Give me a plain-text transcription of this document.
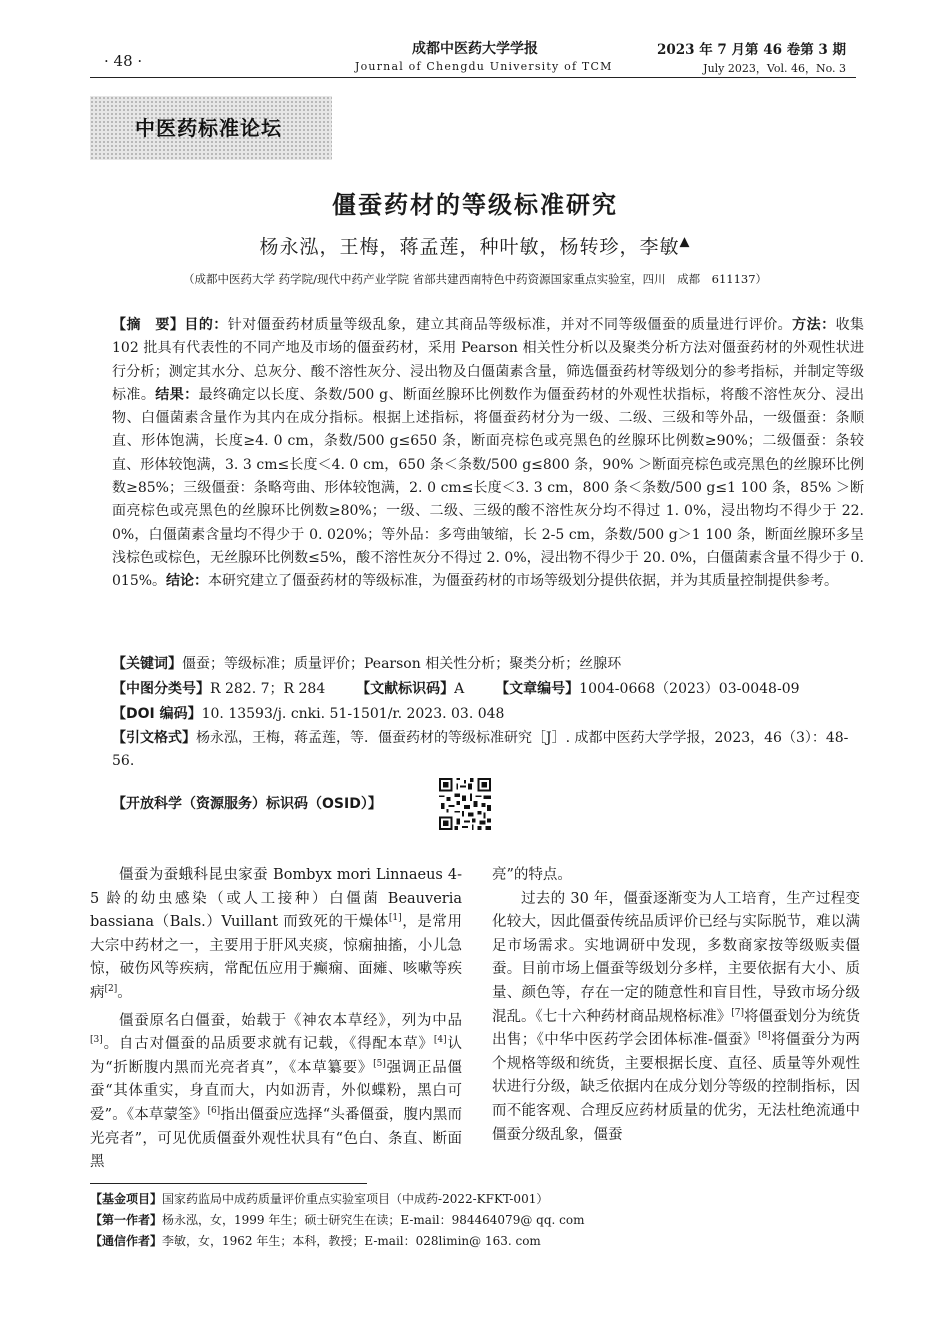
· 48 ·
成都中医药大学学报
Journal of Chengdu University of TCM
2023 年 7 月第 46 卷第 3 期
July 2023，Vol. 46，No. 3
中医药标准论坛
僵蚕药材的等级标准研究
杨永泓，王梅，蒋孟莲，种叶敏，杨转珍，李敏▲
（成都中医药大学 药学院/现代中药产业学院 省部共建西南特色中药资源国家重点实验室，四川　成都　611137）

【摘　要】目的：针对僵蚕药材质量等级乱象，建立其商品等级标准，并对不同等级僵蚕的质量进行评价。方法：收集 102 批具有代表性的不同产地及市场的僵蚕药材，采用 Pearson 相关性分析以及聚类分析方法对僵蚕药材的外观性状进行分析；测定其水分、总灰分、酸不溶性灰分、浸出物及白僵菌素含量，筛选僵蚕药材等级划分的参考指标，并制定等级标准。结果：最终确定以长度、条数/500 g、断面丝腺环比例数作为僵蚕药材的外观性状指标，将酸不溶性灰分、浸出物、白僵菌素含量作为其内在成分指标。根据上述指标，将僵蚕药材分为一级、二级、三级和等外品，一级僵蚕：条顺直、形体饱满，长度≥4. 0 cm，条数/500 g≤650 条，断面亮棕色或亮黑色的丝腺环比例数≥90%；二级僵蚕：条较直、形体较饱满，3. 3 cm≤长度＜4. 0 cm，650 条＜条数/500 g≤800 条，90% ＞断面亮棕色或亮黑色的丝腺环比例数≥85%；三级僵蚕：条略弯曲、形体较饱满，2. 0 cm≤长度＜3. 3 cm，800 条＜条数/500 g≤1 100 条，85% ＞断面亮棕色或亮黑色的丝腺环比例数≥80%；一级、二级、三级的酸不溶性灰分均不得过 1. 0%，浸出物均不得少于 22. 0%，白僵菌素含量均不得少于 0. 020%；等外品：多弯曲皱缩，长 2-5 cm，条数/500 g＞1 100 条，断面丝腺环多呈浅棕色或棕色，无丝腺环比例数≤5%，酸不溶性灰分不得过 2. 0%，浸出物不得少于 20. 0%，白僵菌素含量不得少于 0. 015%。结论：本研究建立了僵蚕药材的等级标准，为僵蚕药材的市场等级划分提供依据，并为其质量控制提供参考。

【关键词】僵蚕；等级标准；质量评价；Pearson 相关性分析；聚类分析；丝腺环
【中图分类号】R 282. 7；R 284 【文献标识码】A 【文章编号】1004-0668（2023）03-0048-09
【DOI 编码】10. 13593/j. cnki. 51-1501/r. 2023. 03. 048
【引文格式】杨永泓，王梅，蒋孟莲，等．僵蚕药材的等级标准研究［J］. 成都中医药大学学报，2023，46（3）：48- 56.
【开放科学（资源服务）标识码（OSID）】

僵蚕为蚕蛾科昆虫家蚕 Bombyx mori Linnaeus 4-5 龄的幼虫感染（或人工接种）白僵菌 Beauveria bassiana（Bals.）Vuillant 而致死的干燥体[1]，是常用大宗中药材之一，主要用于肝风夹痰，惊痫抽搐，小儿急惊，破伤风等疾病，常配伍应用于癫痫、面瘫、咳嗽等疾病[2]。

僵蚕原名白僵蚕，始载于《神农本草经》，列为中品[3]。自古对僵蚕的品质要求就有记载，《得配本草》[4]认为“折断腹内黑而光亮者真”，《本草纂要》[5]强调正品僵蚕“其体重实，身直而大，内如沥青，外似蝶粉，黑白可爱”。《本草蒙筌》[6]指出僵蚕应选择“头番僵蚕，腹内黑而光亮者”，可见优质僵蚕外观性状具有“色白、条直、断面黑

亮”的特点。

过去的 30 年，僵蚕逐渐变为人工培育，生产过程变化较大，因此僵蚕传统品质评价已经与实际脱节，难以满足市场需求。实地调研中发现，多数商家按等级贩卖僵蚕。目前市场上僵蚕等级划分多样，主要依据有大小、质量、颜色等，存在一定的随意性和盲目性，导致市场分级混乱。《七十六种药材商品规格标准》[7]将僵蚕划分为统货出售；《中华中医药学会团体标准-僵蚕》[8]将僵蚕分为两个规格等级和统货，主要根据长度、直径、质量等外观性状进行分级，缺乏依据内在成分划分等级的控制指标，因而不能客观、合理反应药材质量的优劣，无法杜绝流通中僵蚕分级乱象，僵蚕

【基金项目】国家药监局中成药质量评价重点实验室项目（中成药-2022-KFKT-001）
【第一作者】杨永泓，女，1999 年生；硕士研究生在读；E-mail：984464079@ qq. com
【通信作者】李敏，女，1962 年生；本科，教授；E-mail：028limin@ 163. com
